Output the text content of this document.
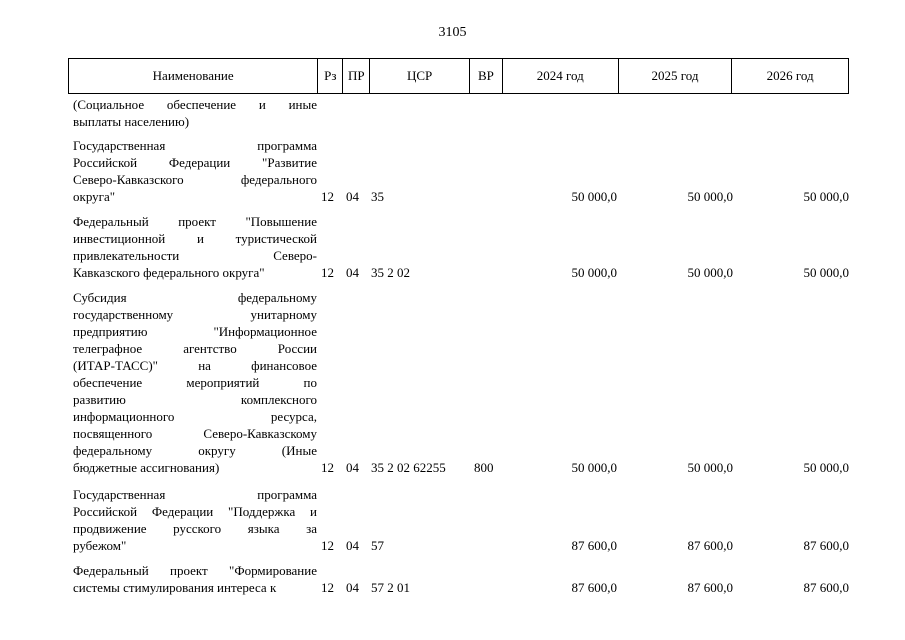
3105
Наименование	Рз ПР	ЦСР	ВР	2024 год	2025 год	2026 год
(Социальное обеспечение и иные
выплаты населению)
Государственная программа
Российской Федерации "Развитие
Северо-Кавказского федерального
округа"	12 04 35	50 000,0	50 000,0	50 000,0
Федеральный проект "Повышение
инвестиционной и туристической
привлекательности Северо-
Кавказского федерального округа"	12 04 35 2 02	50 000,0	50 000,0	50 000,0
Субсидия федеральному
государственному унитарному
предприятию "Информационное
телеграфное агентство России
(ИТАР-ТАСС)" на финансовое
обеспечение мероприятий по
развитию комплексного
информационного ресурса,
посвященного Северо-Кавказскому
федеральному округу (Иные
бюджетные ассигнования)	12 04 35 2 02 62255 800	50 000,0	50 000,0	50 000,0
Государственная программа
Российской Федерации "Поддержка и
продвижение русского языка за
рубежом"	12 04 57	87 600,0	87 600,0	87 600,0
Федеральный проект "Формирование
системы стимулирования интереса к	12 04 57 2 01	87 600,0	87 600,0	87 600,0
